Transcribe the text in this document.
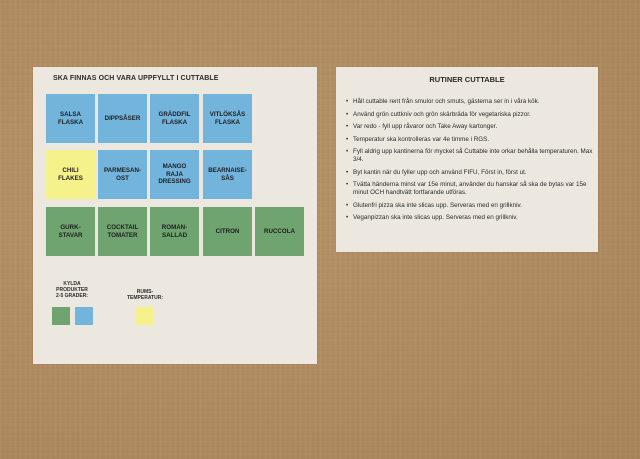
SKA FINNAS OCH VARA UPPFYLLT I CUTTABLE
SALSA
FLASKA
DIPPSÅSER
GRÄDDFIL
FLASKA
VITLÖKSÅS
FLASKA
CHILI
FLAKES
PARMESAN-
OST
MANGO
RAJA
DRESSING
BEARNAISE-
SÅS
GURK-
STAVAR
COCKTAIL
TOMATER
ROMAN-
SALLAD
CITRON	RUCCOLA
KYLDA
PRODUKTER
2-5 GRADER:
RUMS-
TEMPERATUR:
RUTINER CUTTABLE
• Håll cuttable rent från smulor och smuts, gästerna ser in i våra kök.
• Använd grön cuttkniv och grön skärbräda för vegetariska pizzor.
• Var redo - fyll upp råvaror och Take Away kartonger.
• Temperatur ska kontrolleras var 4e timme i RGS.
• Fyll aldrig upp kantinerna för mycket så Cuttable inte orkar behålla temperaturen. Max 3/4.
• Byt kantin när du fyller upp och använd FIFU, Först in, först ut.
• Tvätta händerna minst var 15e minut, använder du hanskar så ska de bytas var 15e minut OCH handtvätt fortfarande utföras.
• Glutenfri pizza ska inte slicas upp. Serveras med en grillkniv.
• Veganpizzan ska inte slicas upp. Serveras med en grillkniv.
